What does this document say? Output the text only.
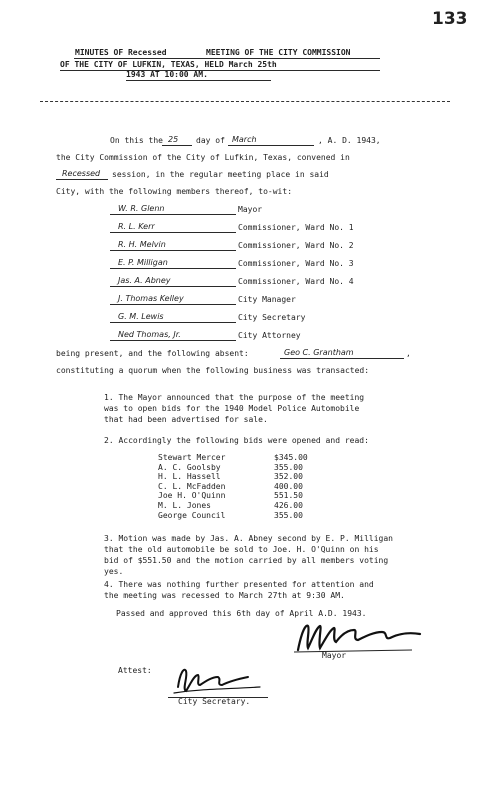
133
MINUTES OF Recessed	MEETING OF THE CITY COMMISSION
OF THE CITY OF LUFKIN, TEXAS, HELD March 25th
1943 AT 10:00 AM.
On this the 25 day of March	, A. D. 1943,
the City Commission of the City of Lufkin, Texas, convened in
Recessed session, in the regular meeting place in said
City, with the following members thereof, to-wit:
W. R. Glenn	Mayor
R. L. Kerr	Commissioner, Ward No. 1
R. H. Melvin	Commissioner, Ward No. 2
E. P. Milligan	Commissioner, Ward No. 3
Jas. A. Abney	Commissioner, Ward No. 4
J. Thomas Kelley	City Manager
G. M. Lewis	City Secretary
Ned Thomas, Jr.	City Attorney
being present, and the following absent:	Geo C. Grantham	,
constituting a quorum when the following business was transacted:
1. The Mayor announced that the purpose of the meeting
was to open bids for the 1940 Model Police Automobile
that had been advertised for sale.
2. Accordingly the following bids were opened and read:
Stewart Mercer	$345.00
A. C. Goolsby	355.00
H. L. Hassell	352.00
C. L. McFadden	400.00
Joe H. O'Quinn	551.50
M. L. Jones	426.00
George Council	355.00
3. Motion was made by Jas. A. Abney second by E. P. Milligan
that the old automobile be sold to Joe. H. O'Quinn on his
bid of $551.50 and the motion carried by all members voting
yes.
4. There was nothing further presented for attention and
the meeting was recessed to March 27th at 9:30 AM.
Passed and approved this 6th day of April A.D. 1943.
Mayor
Attest:
City Secretary.
